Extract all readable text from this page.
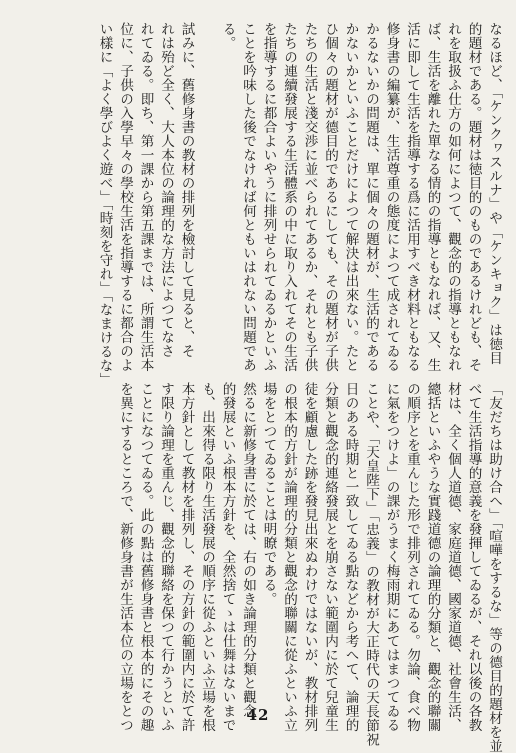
なるほど、「ケンクヮスルナ」や「ケンキョク」は徳目
的題材である。題材は徳目的のものであるけれども、そ
れを取扱ふ仕方の如何によつて、觀念的の指導ともなれ
ば、生活を離れた單なる情的の指導ともなれば、又、生
活に即して生活を指導する爲に活用すべき材料ともなる
修身書の編纂が、生活尊重の態度によつて成されてゐる
かるないかの問題は、單に個々の題材が、生活的である
かないかといふことだけによつて解決は出來ない。たと
ひ個々の題材が德目的であるにしても、その題材が子供
たちの生活と淺交渉に並べられてあるか、それとも子供
たちの連續發展する生活體系の中に取り入れてその生活
を指導するに都合よいやうに排列せられてゐるかといふ
ことを吟味した後でなければ何ともいはれない問題であ
る。

試みに、舊修身書の教材の排列を檢討して見ると、そ
れは殆ど全く、大人本位の論理的な方法によつてなさ
れてゐる。即ち、第一課から第五課までは、所謂生活本
位に、子供の入學早々の學校生活を指導するに都合のよ
い樣に「よく學びよく遊べ」「時刻を守れ」「なまけるな」
「友だちは助け合へ」「喧嘩をするな」等の德目的題材を並
べて生活指導的意義を發揮してゐるが、それ以後の各教
材は、全く個人道德、家庭道德、國家道德、社會生活、
總括といふやうな實踐道德の論理的分類と、觀念的聯關
の順序とを重んじた形で排列されてゐる。勿論、食べ物
に氣をつけよ」の課がうまく梅雨期にあてはまつてゐる
ことや、「天皇陛下」「忠義」の教材が大正時代の天長節祝
日のある時期と一致してゐる點などから考へて、論理的
分類と觀念的連絡發展とを崩さない範圍内に於て兒童生
徒を顧慮した跡を發見出來ぬわけではないが、教材排列
の根本的方針が論理的分類と觀念的聯關に從ふといふ立
場をとつてゐることは明瞭である。
然るに新修身書に於ては、右の如き論理的分類と觀念
的發展といふ根本方針を、全然捨てゝは仕舞はないまで
も、出來得る限り生活發展の順序に從ふといふ立場を根
本方針として教材を排列し、その方針の範圍内に於て許
す限り論理を重んじ、觀念的聯絡を保つて行かうといふ
ことになつてゐる。此の點は舊修身書と根本的にその趣
を異にするところで、新修身書が生活本位の立場をとつ	42
